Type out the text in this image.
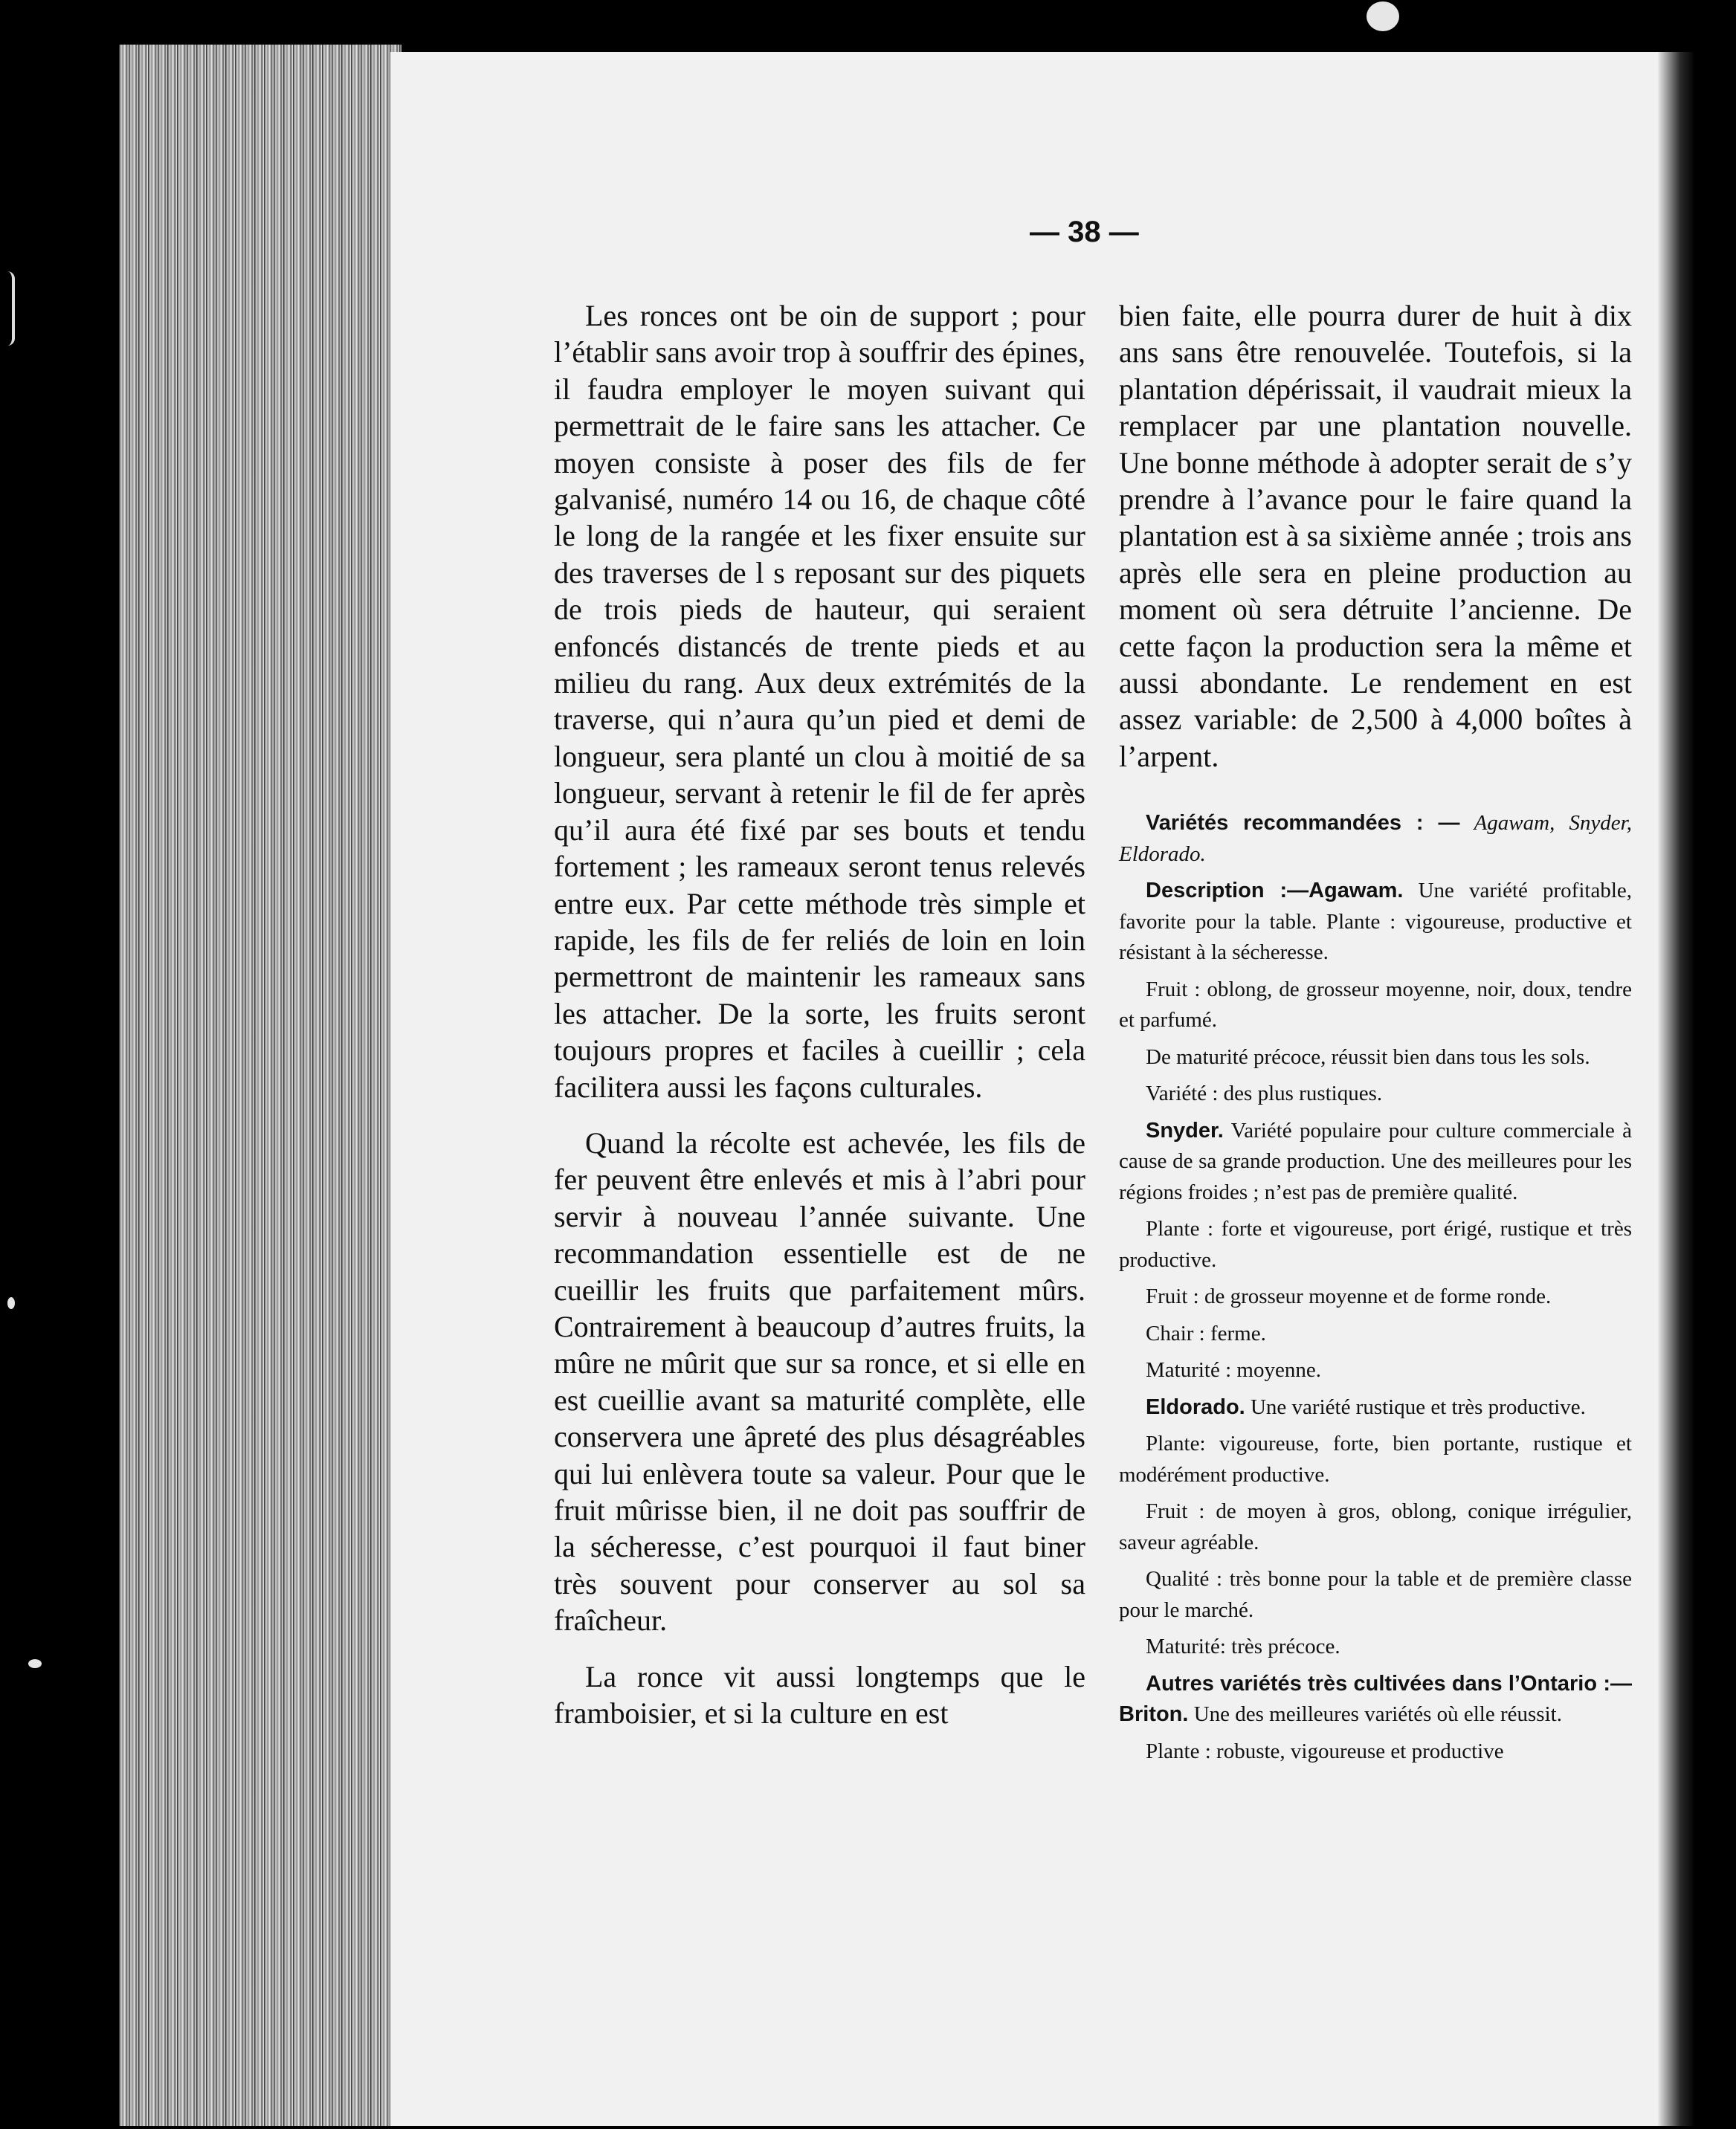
— 38 —

Les ronces ont be oin de support ; pour l’établir sans avoir trop à souffrir des épines, il faudra employer le moyen suivant qui permettrait de le faire sans les attacher. Ce moyen consiste à poser des fils de fer galvanisé, numéro 14 ou 16, de chaque côté le long de la rangée et les fixer ensuite sur des traverses de l s reposant sur des piquets de trois pieds de hauteur, qui seraient enfoncés distancés de trente pieds et au milieu du rang. Aux deux extrémités de la traverse, qui n’aura qu’un pied et demi de longueur, sera planté un clou à moitié de sa longueur, servant à retenir le fil de fer après qu’il aura été fixé par ses bouts et tendu fortement ; les rameaux seront tenus relevés entre eux. Par cette méthode très simple et rapide, les fils de fer reliés de loin en loin permettront de maintenir les rameaux sans les attacher. De la sorte, les fruits seront toujours propres et faciles à cueillir ; cela facilitera aussi les façons culturales.

Quand la récolte est achevée, les fils de fer peuvent être enlevés et mis à l’abri pour servir à nouveau l’année suivante. Une recommandation essentielle est de ne cueillir les fruits que parfaitement mûrs. Contrairement à beaucoup d’autres fruits, la mûre ne mûrit que sur sa ronce, et si elle en est cueillie avant sa maturité complète, elle conservera une âpreté des plus désagréables qui lui enlèvera toute sa valeur. Pour que le fruit mûrisse bien, il ne doit pas souffrir de la sécheresse, c’est pourquoi il faut biner très souvent pour conserver au sol sa fraîcheur.

La ronce vit aussi longtemps que le framboisier, et si la culture en est

bien faite, elle pourra durer de huit à dix ans sans être renouvelée. Toutefois, si la plantation dépérissait, il vaudrait mieux la remplacer par une plantation nouvelle. Une bonne méthode à adopter serait de s’y prendre à l’avance pour le faire quand la plantation est à sa sixième année ; trois ans après elle sera en pleine production au moment où sera détruite l’ancienne. De cette façon la production sera la même et aussi abondante. Le rendement en est assez variable: de 2,500 à 4,000 boîtes à l’arpent.

Variétés recommandées : — Agawam, Snyder, Eldorado.

Description :—Agawam. Une variété profitable, favorite pour la table. Plante : vigoureuse, productive et résistant à la sécheresse.

Fruit : oblong, de grosseur moyenne, noir, doux, tendre et parfumé.

De maturité précoce, réussit bien dans tous les sols.

Variété : des plus rustiques.

Snyder. Variété populaire pour culture commerciale à cause de sa grande production. Une des meilleures pour les régions froides ; n’est pas de première qualité.

Plante : forte et vigoureuse, port érigé, rustique et très productive.

Fruit : de grosseur moyenne et de forme ronde.

Chair : ferme.

Maturité : moyenne.

Eldorado. Une variété rustique et très productive.

Plante: vigoureuse, forte, bien portante, rustique et modérément productive.

Fruit : de moyen à gros, oblong, conique irrégulier, saveur agréable.

Qualité : très bonne pour la table et de première classe pour le marché.

Maturité: très précoce.

Autres variétés très cultivées dans l’Ontario :—Briton. Une des meilleures variétés où elle réussit.

Plante : robuste, vigoureuse et productive
